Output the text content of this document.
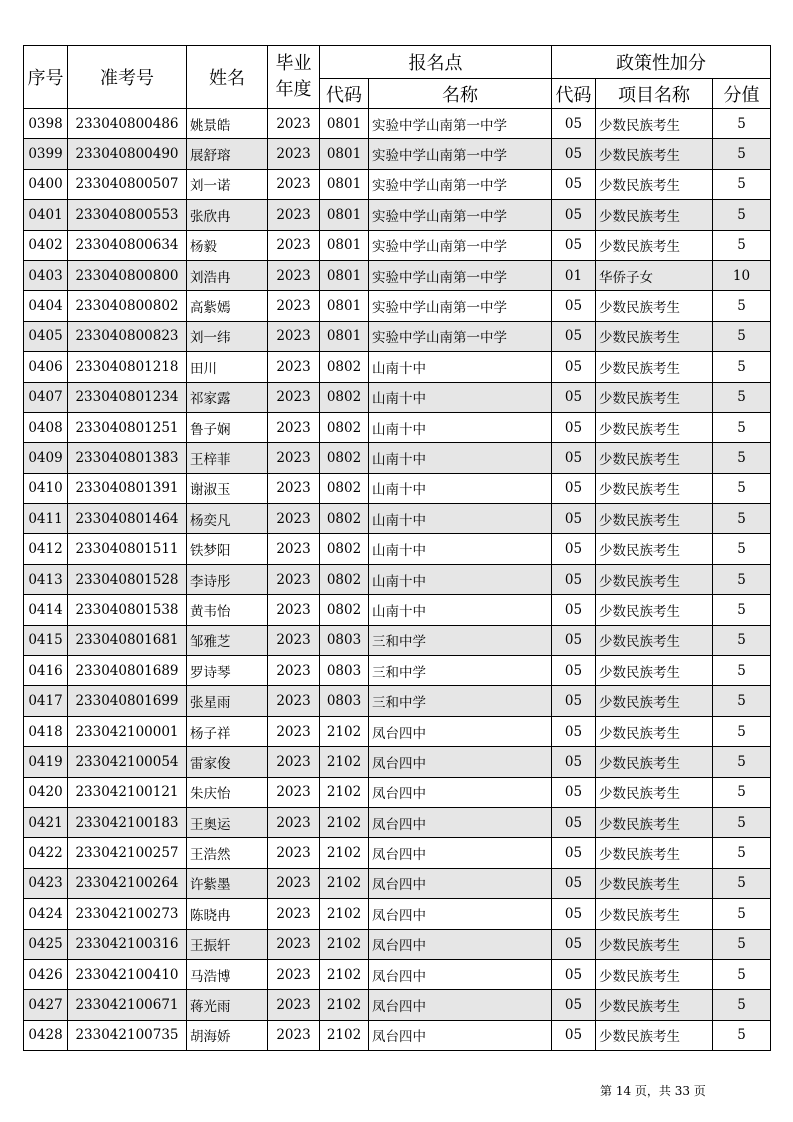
序号	准考号	姓名	毕业年度	报名点		政策性加分		
				代码	名称	代码	项目名称	分值
0398	233040800486	姚景皓	2023	0801	实验中学山南第一中学	05	少数民族考生	5
0399	233040800490	展舒瑢	2023	0801	实验中学山南第一中学	05	少数民族考生	5
0400	233040800507	刘一诺	2023	0801	实验中学山南第一中学	05	少数民族考生	5
0401	233040800553	张欣冉	2023	0801	实验中学山南第一中学	05	少数民族考生	5
0402	233040800634	杨毅	2023	0801	实验中学山南第一中学	05	少数民族考生	5
0403	233040800800	刘浩冉	2023	0801	实验中学山南第一中学	01	华侨子女	10
0404	233040800802	高紫嫣	2023	0801	实验中学山南第一中学	05	少数民族考生	5
0405	233040800823	刘一纬	2023	0801	实验中学山南第一中学	05	少数民族考生	5
0406	233040801218	田川	2023	0802	山南十中	05	少数民族考生	5
0407	233040801234	祁家露	2023	0802	山南十中	05	少数民族考生	5
0408	233040801251	鲁子娴	2023	0802	山南十中	05	少数民族考生	5
0409	233040801383	王梓菲	2023	0802	山南十中	05	少数民族考生	5
0410	233040801391	谢淑玉	2023	0802	山南十中	05	少数民族考生	5
0411	233040801464	杨奕凡	2023	0802	山南十中	05	少数民族考生	5
0412	233040801511	铁梦阳	2023	0802	山南十中	05	少数民族考生	5
0413	233040801528	李诗彤	2023	0802	山南十中	05	少数民族考生	5
0414	233040801538	黄韦怡	2023	0802	山南十中	05	少数民族考生	5
0415	233040801681	邹雅芝	2023	0803	三和中学	05	少数民族考生	5
0416	233040801689	罗诗琴	2023	0803	三和中学	05	少数民族考生	5
0417	233040801699	张星雨	2023	0803	三和中学	05	少数民族考生	5
0418	233042100001	杨子祥	2023	2102	凤台四中	05	少数民族考生	5
0419	233042100054	雷家俊	2023	2102	凤台四中	05	少数民族考生	5
0420	233042100121	朱庆怡	2023	2102	凤台四中	05	少数民族考生	5
0421	233042100183	王奥运	2023	2102	凤台四中	05	少数民族考生	5
0422	233042100257	王浩然	2023	2102	凤台四中	05	少数民族考生	5
0423	233042100264	许紫墨	2023	2102	凤台四中	05	少数民族考生	5
0424	233042100273	陈晓冉	2023	2102	凤台四中	05	少数民族考生	5
0425	233042100316	王振轩	2023	2102	凤台四中	05	少数民族考生	5
0426	233042100410	马浩博	2023	2102	凤台四中	05	少数民族考生	5
0427	233042100671	蒋光雨	2023	2102	凤台四中	05	少数民族考生	5
0428	233042100735	胡海娇	2023	2102	凤台四中	05	少数民族考生	5
第 14 页，共 33 页
